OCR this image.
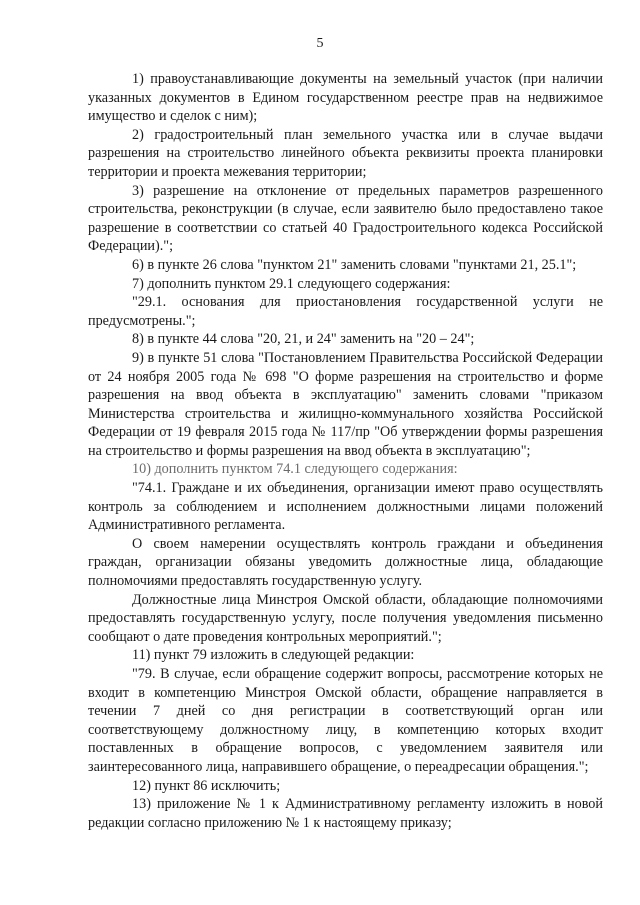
5

1) правоустанавливающие документы на земельный участок (при наличии указанных документов в Едином государственном реестре прав на недвижимое имущество и сделок с ним);

2) градостроительный план земельного участка или в случае выдачи разрешения на строительство линейного объекта реквизиты проекта планировки территории и проекта межевания территории;

3) разрешение на отклонение от предельных параметров разрешенного строительства, реконструкции (в случае, если заявителю было предоставлено такое разрешение в соответствии со статьей 40 Градостроительного кодекса Российской Федерации).";

6) в пункте 26 слова "пунктом 21" заменить словами "пунктами 21, 25.1";

7) дополнить пунктом 29.1 следующего содержания:

"29.1. основания для приостановления государственной услуги не предусмотрены.";

8) в пункте 44 слова "20, 21, и 24" заменить на "20 – 24";

9) в пункте 51 слова "Постановлением Правительства Российской Федерации от 24 ноября 2005 года № 698 "О форме разрешения на строительство и форме разрешения на ввод объекта в эксплуатацию" заменить словами "приказом Министерства строительства и жилищно-коммунального хозяйства Российской Федерации от 19 февраля 2015 года № 117/пр "Об утверждении формы разрешения на строительство и формы разрешения на ввод объекта в эксплуатацию";

10) дополнить пунктом 74.1 следующего содержания:

"74.1. Граждане и их объединения, организации имеют право осуществлять контроль за соблюдением и исполнением должностными лицами положений Административного регламента.

О своем намерении осуществлять контроль граждани и объединения граждан, организации обязаны уведомить должностные лица, обладающие полномочиями предоставлять государственную услугу.

Должностные лица Минстроя Омской области, обладающие полномочиями предоставлять государственную услугу, после получения уведомления письменно сообщают о дате проведения контрольных мероприятий.";

11) пункт 79 изложить в следующей редакции:

"79. В случае, если обращение содержит вопросы, рассмотрение которых не входит в компетенцию Минстроя Омской области, обращение направляется в течении 7 дней со дня регистрации в соответствующий орган или соответствующему должностному лицу, в компетенцию которых входит поставленных в обращение вопросов, с уведомлением заявителя или заинтересованного лица, направившего обращение, о переадресации обращения.";

12) пункт 86 исключить;

13) приложение № 1 к Административному регламенту изложить в новой редакции согласно приложению № 1 к настоящему приказу;
